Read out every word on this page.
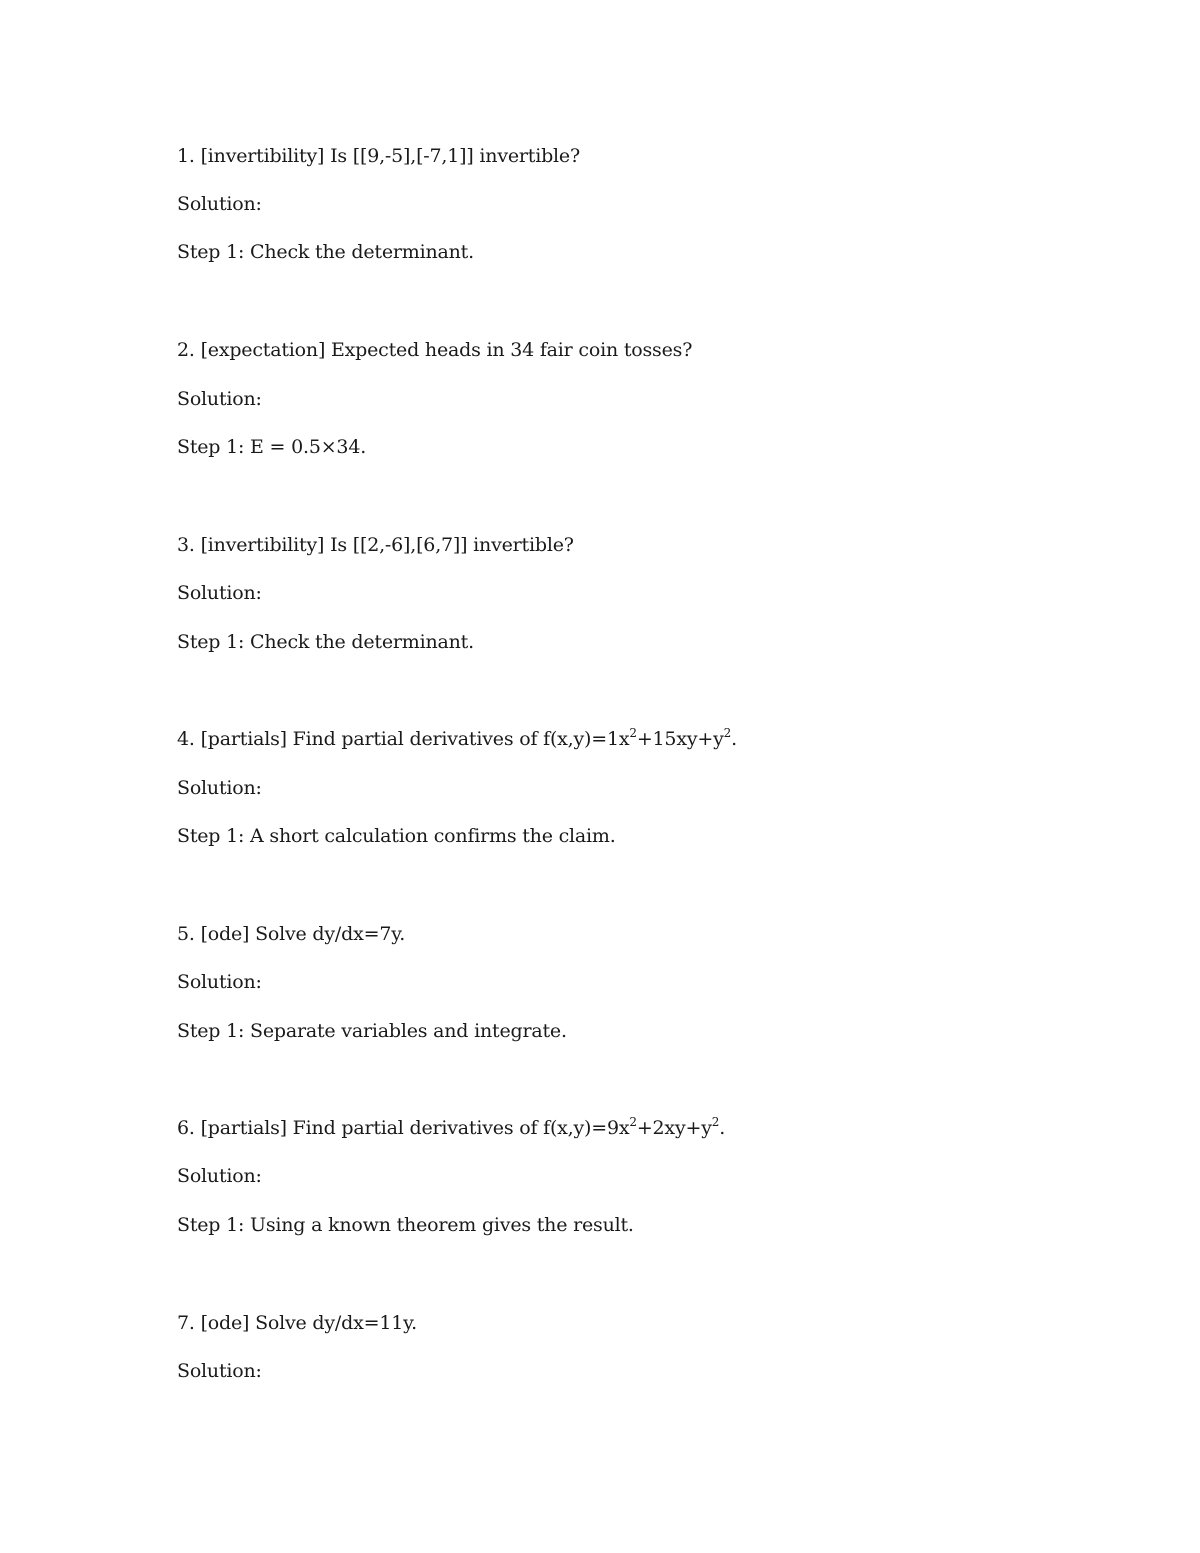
1. [invertibility] Is [[9,-5],[-7,1]] invertible?
Solution:
Step 1: Check the determinant.
2. [expectation] Expected heads in 34 fair coin tosses?
Solution:
Step 1: E = 0.5×34.
3. [invertibility] Is [[2,-6],[6,7]] invertible?
Solution:
Step 1: Check the determinant.
4. [partials] Find partial derivatives of $f(x,y)=1x^2+15xy+y^2$.
Solution:
Step 1: A short calculation confirms the claim.
5. [ode] Solve dy/dx=7y.
Solution:
Step 1: Separate variables and integrate.
6. [partials] Find partial derivatives of $f(x,y)=9x^2+2xy+y^2$.
Solution:
Step 1: Using a known theorem gives the result.
7. [ode] Solve dy/dx=11y.
Solution:
